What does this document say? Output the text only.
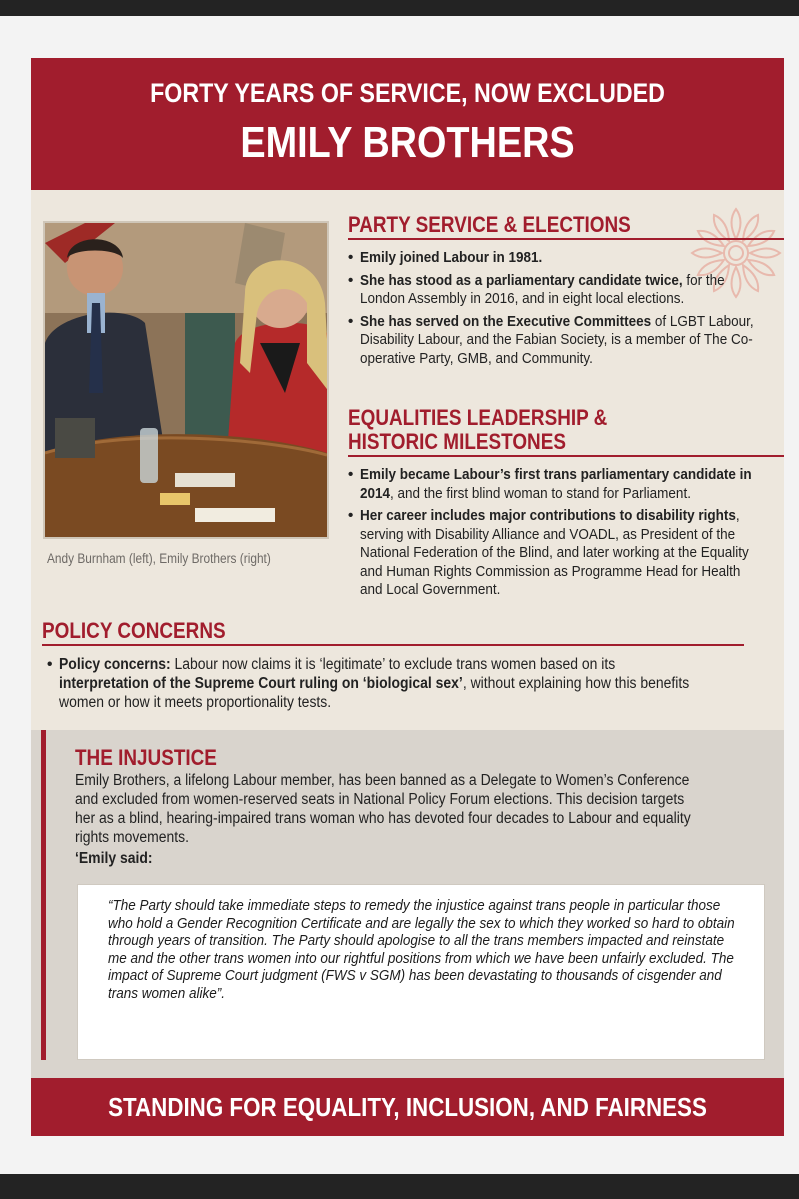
FORTY YEARS OF SERVICE, NOW EXCLUDED
EMILY BROTHERS
Andy Burnham (left), Emily Brothers (right)
PARTY SERVICE & ELECTIONS
• Emily joined Labour in 1981.
• She has stood as a parliamentary candidate twice, for the London Assembly in 2016, and in eight local elections.
• She has served on the Executive Committees of LGBT Labour, Disability Labour, and the Fabian Society, is a member of The Co-operative Party, GMB, and Community.
EQUALITIES LEADERSHIP &
HISTORIC MILESTONES
• Emily became Labour’s first trans parliamentary candidate in 2014, and the first blind woman to stand for Parliament.
• Her career includes major contributions to disability rights, serving with Disability Alliance and VOADL, as President of the National Federation of the Blind, and later working at the Equality and Human Rights Commission as Programme Head for Health and Local Government.
POLICY CONCERNS
• Policy concerns: Labour now claims it is ‘legitimate’ to exclude trans women based on its interpretation of the Supreme Court ruling on ‘biological sex’, without explaining how this benefits women or how it meets proportionality tests.
THE INJUSTICE
Emily Brothers, a lifelong Labour member, has been banned as a Delegate to Women’s Conference and excluded from women-reserved seats in National Policy Forum elections. This decision targets her as a blind, hearing-impaired trans woman who has devoted four decades to Labour and equality rights movements.
‘Emily said:
“The Party should take immediate steps to remedy the injustice against trans people in particular those who hold a Gender Recognition Certificate and are legally the sex to which they worked so hard to obtain through years of transition. The Party should apologise to all the trans members impacted and reinstate me and the other trans women into our rightful positions from which we have been unfairly excluded. The impact of Supreme Court judgment (FWS v SGM) has been devastating to thousands of cisgender and trans women alike”.
STANDING FOR EQUALITY, INCLUSION, AND FAIRNESS
